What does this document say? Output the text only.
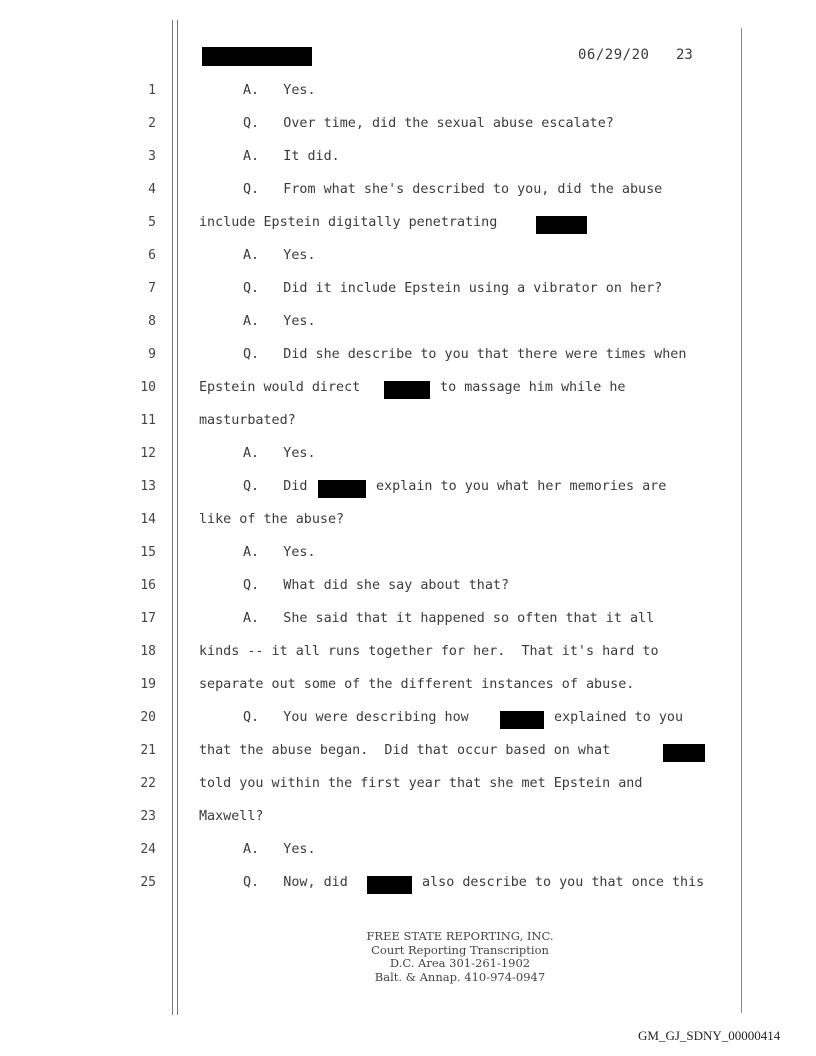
06/29/20 23
1	A.   Yes.
2	Q.   Over time, did the sexual abuse escalate?
3	A.   It did.
4	Q.   From what she's described to you, did the abuse
5	include Epstein digitally penetrating
6	A.   Yes.
7	Q.   Did it include Epstein using a vibrator on her?
8	A.   Yes.
9	Q.   Did she describe to you that there were times when
10	Epstein would direct	to massage him while he
11	masturbated?
12	A.   Yes.
13	Q.   Did	explain to you what her memories are
14	like of the abuse?
15	A.   Yes.
16	Q.   What did she say about that?
17	A.   She said that it happened so often that it all
18	kinds -- it all runs together for her.  That it's hard to
19	separate out some of the different instances of abuse.
20	Q.   You were describing how	explained to you
21	that the abuse began.  Did that occur based on what
22	told you within the first year that she met Epstein and
23	Maxwell?
24	A.   Yes.
25	Q.   Now, did	also describe to you that once this
FREE STATE REPORTING, INC.
Court Reporting Transcription
D.C. Area 301-261-1902
Balt. & Annap. 410-974-0947
GM_GJ_SDNY_00000414
